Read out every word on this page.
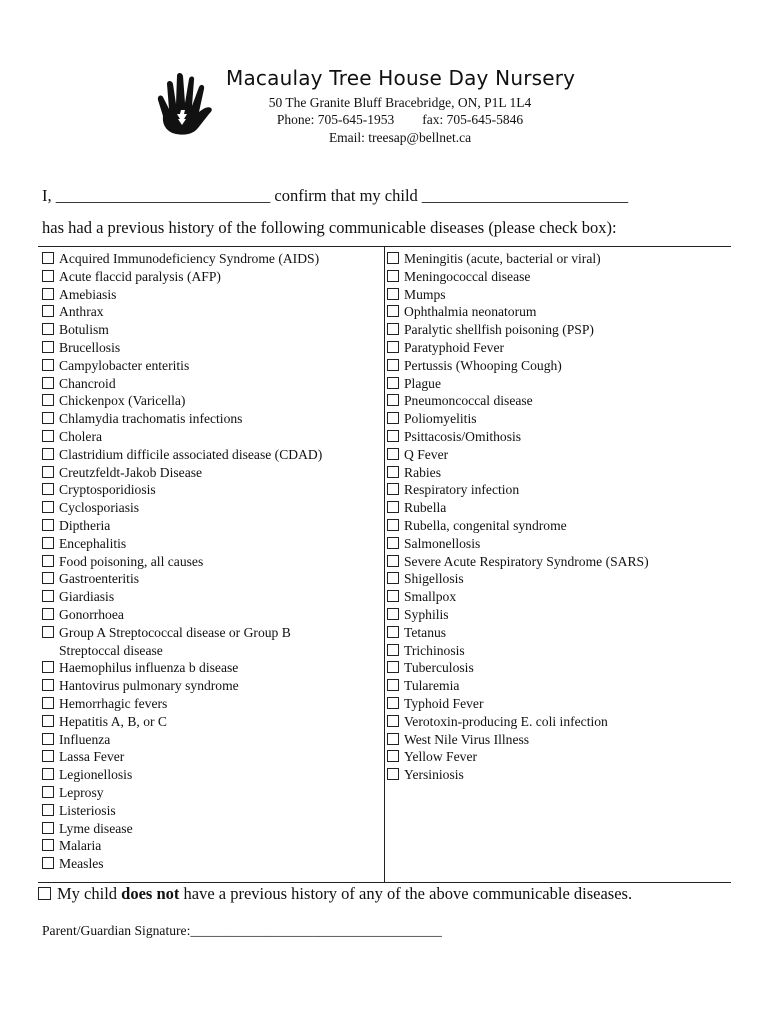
Macaulay Tree House Day Nursery
50 The Granite Bluff Bracebridge, ON, P1L 1L4
Phone: 705-645-1953 fax: 705-645-5846
Email: treesap@bellnet.ca
I, __________________________ confirm that my child _________________________
has had a previous history of the following communicable diseases (please check box):
Acquired Immunodeficiency Syndrome (AIDS)
Acute flaccid paralysis (AFP)
Amebiasis
Anthrax
Botulism
Brucellosis
Campylobacter enteritis
Chancroid
Chickenpox (Varicella)
Chlamydia trachomatis infections
Cholera
Clastridium difficile associated disease (CDAD)
Creutzfeldt-Jakob Disease
Cryptosporidiosis
Cyclosporiasis
Diptheria
Encephalitis
Food poisoning, all causes
Gastroenteritis
Giardiasis
Gonorrhoea
Group A Streptococcal disease or Group B Streptoccal disease
Haemophilus influenza b disease
Hantovirus pulmonary syndrome
Hemorrhagic fevers
Hepatitis A, B, or C
Influenza
Lassa Fever
Legionellosis
Leprosy
Listeriosis
Lyme disease
Malaria
Measles
Meningitis (acute, bacterial or viral)
Meningococcal disease
Mumps
Ophthalmia neonatorum
Paralytic shellfish poisoning (PSP)
Paratyphoid Fever
Pertussis (Whooping Cough)
Plague
Pneumoncoccal disease
Poliomyelitis
Psittacosis/Omithosis
Q Fever
Rabies
Respiratory infection
Rubella
Rubella, congenital syndrome
Salmonellosis
Severe Acute Respiratory Syndrome (SARS)
Shigellosis
Smallpox
Syphilis
Tetanus
Trichinosis
Tuberculosis
Tularemia
Typhoid Fever
Verotoxin-producing E. coli infection
West Nile Virus Illness
Yellow Fever
Yersiniosis
My child does not have a previous history of any of the above communicable diseases.
Parent/Guardian Signature:_____________________________________
